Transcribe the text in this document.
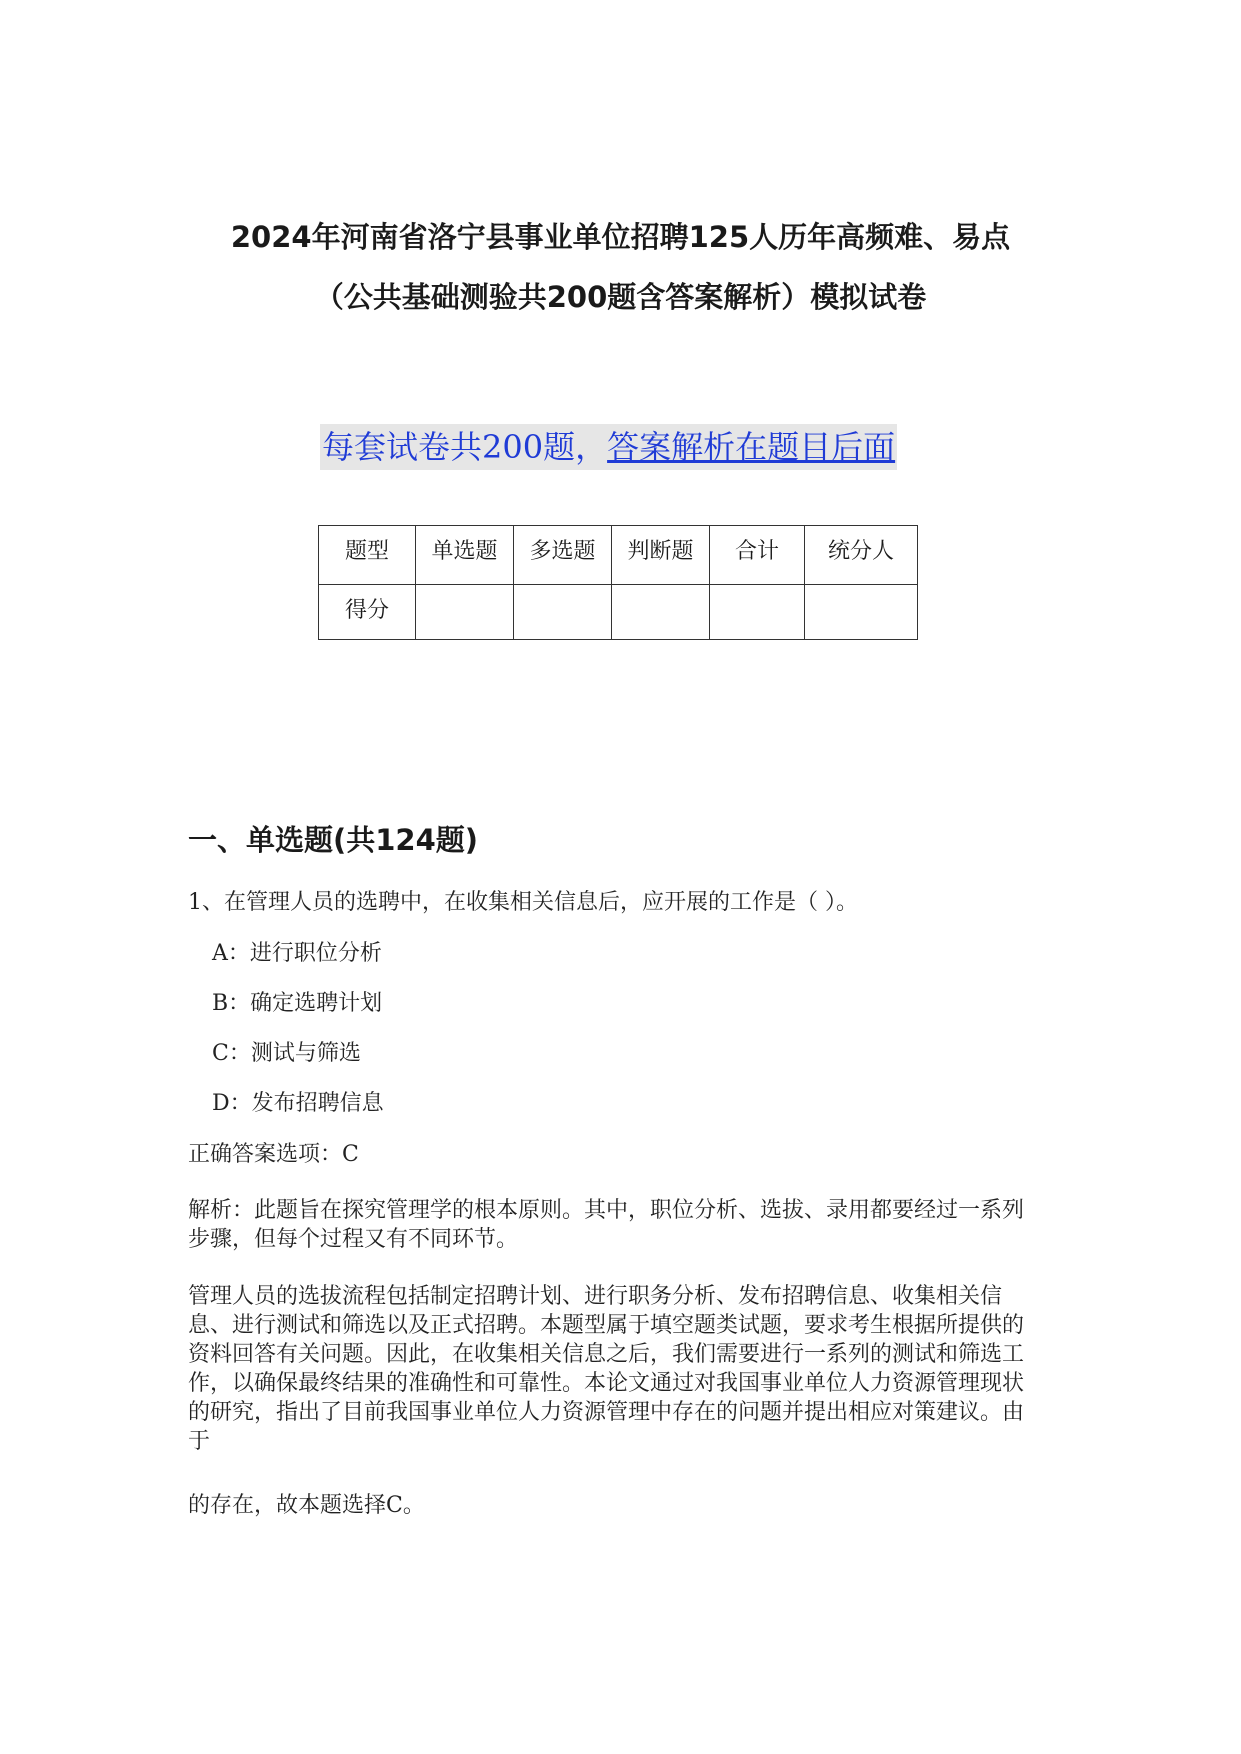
2024年河南省洛宁县事业单位招聘125人历年高频难、易点
（公共基础测验共200题含答案解析）模拟试卷
每套试卷共200题，答案解析在题目后面
题型	单选题	多选题	判断题	合计	统分人
得分					
一、单选题(共124题)

1、在管理人员的选聘中，在收集相关信息后，应开展的工作是（ ）。

A：进行职位分析

B：确定选聘计划

C：测试与筛选

D：发布招聘信息

正确答案选项：C

解析：此题旨在探究管理学的根本原则。其中，职位分析、选拔、录用都要经过一系列步骤，但每个过程又有不同环节。

管理人员的选拔流程包括制定招聘计划、进行职务分析、发布招聘信息、收集相关信息、进行测试和筛选以及正式招聘。本题型属于填空题类试题，要求考生根据所提供的资料回答有关问题。因此，在收集相关信息之后，我们需要进行一系列的测试和筛选工作，以确保最终结果的准确性和可靠性。本论文通过对我国事业单位人力资源管理现状的研究，指出了目前我国事业单位人力资源管理中存在的问题并提出相应对策建议。由于

的存在，故本题选择C。
